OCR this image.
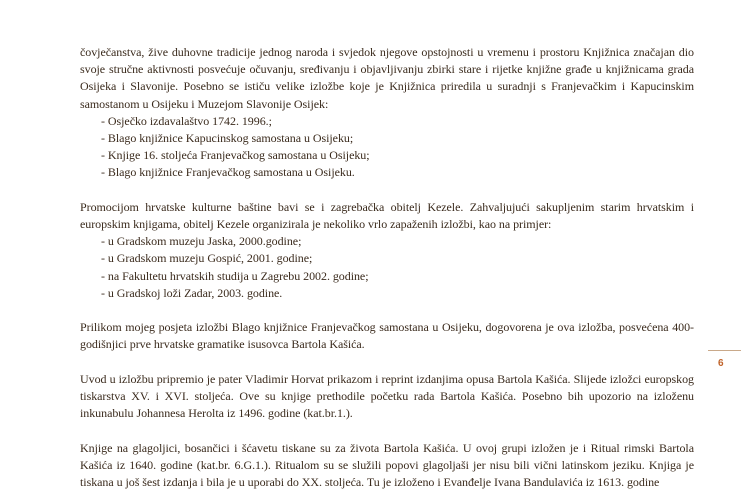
čovječanstva, žive duhovne tradicije jednog naroda i svjedok njegove opstojnosti u vremenu i prostoru Knjižnica značajan dio svoje stručne aktivnosti posvećuje očuvanju, sređivanju i objavljivanju zbirki stare i rijetke knjižne građe u knjižnicama grada Osijeka i Slavonije. Posebno se ističu velike izložbe koje je Knjižnica priredila u suradnji s Franjevačkim i Kapucinskim samostanom u Osijeku i Muzejom Slavonije Osijek:

- Osječko izdavalaštvo 1742. 1996.;
- Blago knjižnice Kapucinskog samostana u Osijeku;
- Knjige 16. stoljeća Franjevačkog samostana u Osijeku;
- Blago knjižnice Franjevačkog samostana u Osijeku.

Promocijom hrvatske kulturne baštine bavi se i zagrebačka obitelj Kezele. Zahvaljujući sakupljenim starim hrvatskim i europskim knjigama, obitelj Kezele organizirala je nekoliko vrlo zapaženih izložbi, kao na primjer:

- u Gradskom muzeju Jaska, 2000.godine;
- u Gradskom muzeju Gospić, 2001. godine;
- na Fakultetu hrvatskih studija u Zagrebu 2002. godine;
- u Gradskoj loži Zadar, 2003. godine.

Prilikom mojeg posjeta izložbi Blago knjižnice Franjevačkog samostana u Osijeku, dogovorena je ova izložba, posvećena 400-godišnjici prve hrvatske gramatike isusovca Bartola Kašića.

Uvod u izložbu pripremio je pater Vladimir Horvat prikazom i reprint izdanjima opusa Bartola Kašića. Slijede izložci europskog tiskarstva XV. i XVI. stoljeća. Ove su knjige prethodile početku rada Bartola Kašića. Posebno bih upozorio na izloženu inkunabulu Johannesa Herolta iz 1496. godine (kat.br.1.).

Knjige na glagoljici, bosančici i šćavetu tiskane su za života Bartola Kašića. U ovoj grupi izložen je i Ritual rimski Bartola Kašića iz 1640. godine (kat.br. 6.G.1.). Ritualom su se služili popovi glagoljaši jer nisu bili vični latinskom jeziku. Knjiga je tiskana u još šest izdanja i bila je u uporabi do XX. stoljeća. Tu je izloženo i Evanđelje Ivana Bandulavića iz 1613. godine

6
